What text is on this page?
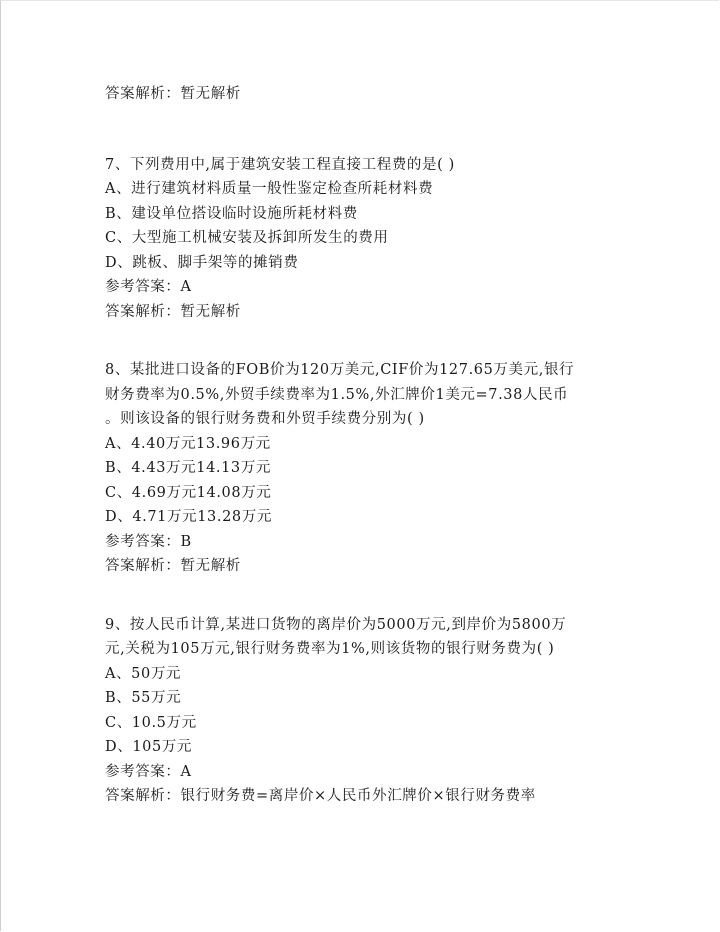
答案解析：暂无解析
7、下列费用中,属于建筑安装工程直接工程费的是( )
A、进行建筑材料质量一般性鉴定检查所耗材料费
B、建设单位搭设临时设施所耗材料费
C、大型施工机械安装及拆卸所发生的费用
D、跳板、脚手架等的摊销费
参考答案：A
答案解析：暂无解析
8、某批进口设备的FOB价为120万美元,CIF价为127.65万美元,银行
财务费率为0.5%,外贸手续费率为1.5%,外汇牌价1美元=7.38人民币
。则该设备的银行财务费和外贸手续费分别为( )
A、4.40万元13.96万元
B、4.43万元14.13万元
C、4.69万元14.08万元
D、4.71万元13.28万元
参考答案：B
答案解析：暂无解析
9、按人民币计算,某进口货物的离岸价为5000万元,到岸价为5800万
元,关税为105万元,银行财务费率为1%,则该货物的银行财务费为( )
A、50万元
B、55万元
C、10.5万元
D、105万元
参考答案：A
答案解析：银行财务费=离岸价×人民币外汇牌价×银行财务费率
